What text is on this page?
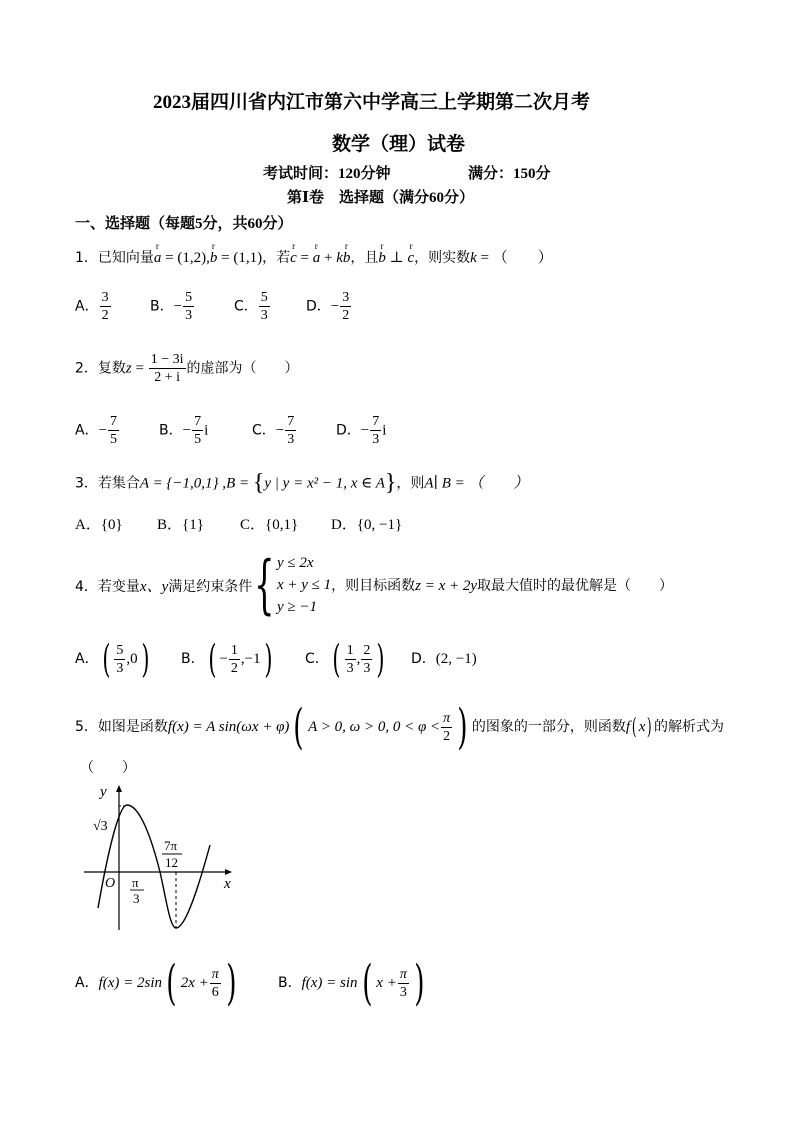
2023届四川省内江市第六中学高三上学期第二次月考
数学（理）试卷
考试时间：120分钟	满分：150分
第Ⅰ卷　选择题（满分60分）
一、选择题（每题5分，共60分）
1．已知向量r a = (1,2),r b = (1,1)，若r c = r a + kr b，且r b ⊥ r c，则实数k = （　　）
A． $\frac{3}{2}$	B．− $\frac{5}{3}$	C． $\frac{5}{3}$	D．− $\frac{3}{2}$
2．复数$z = \frac{1 - 3i}{2 + i}$ 的虚部为（　　）
A．− $\frac{7}{5}$	B．− $\frac{7}{5}$ i	C．− $\frac{7}{3}$	D．− $\frac{7}{3}$ i
3．若集合A = {−1,0,1} ,B = {y | y = x² − 1, x ∈ A}，则A∣ B = （　　）
A．{0} B．{1} C．{0,1} D．{0, −1}
4．若变量x、y满足约束条件{ y ≤ 2x
x + y ≤ 1
y ≥ −1
，则目标函数z = x + 2y取最大值时的最优解是（　　）
A．( $\frac{5}{3} ,0$) B．( − $\frac{1}{2} ,-1$) C．( $\frac{1}{3}$ , $\frac{2}{3}$ ) D．(2, −1)
5．如图是函数f(x) = A sin(ωx + φ)( A > 0, ω > 0, $0 < \varphi < \frac{\pi}{2}$ ) 的图象的一部分，则函数f( x) 的解析式为
（　　）
y
x
O
√3
π
3
7π
12
A．f(x) = 2sin( $2x + \frac{\pi}{6}$ )	B．f(x) = sin( $x + \frac{\pi}{3}$ )
